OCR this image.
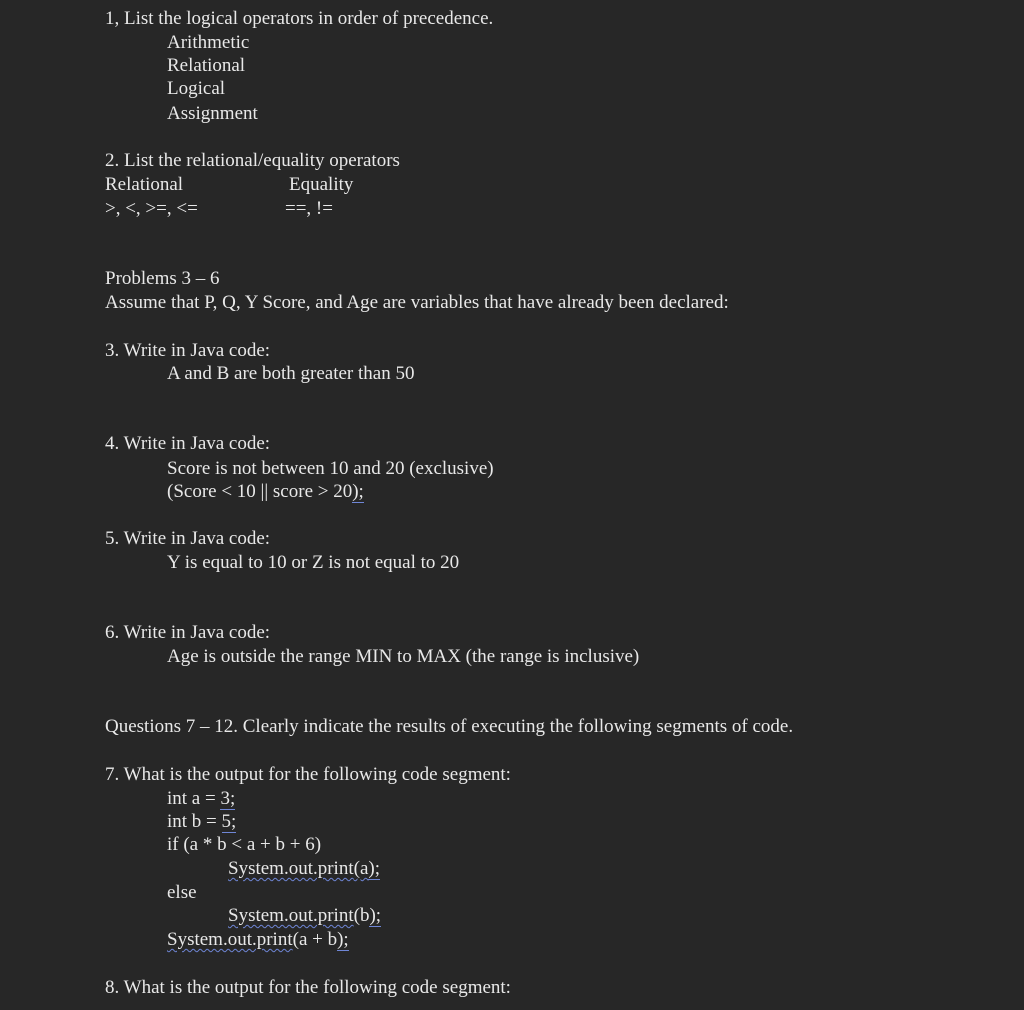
1, List the logical operators in order of precedence.
Arithmetic
Relational
Logical
Assignment
2. List the relational/equality operators
Relational	Equality
>, <, >=, <=	==, !=
Problems 3 – 6
Assume that P, Q, Y Score, and Age are variables that have already been declared:
3. Write in Java code:
A and B are both greater than 50
4. Write in Java code:
Score is not between 10 and 20 (exclusive)
(Score < 10 || score > 20);
5. Write in Java code:
Y is equal to 10 or Z is not equal to 20
6. Write in Java code:
Age is outside the range MIN to MAX (the range is inclusive)
Questions 7 – 12. Clearly indicate the results of executing the following segments of code.
7. What is the output for the following code segment:
int a = 3;
int b = 5;
if (a * b < a + b + 6)
System.out.print(a);
else
System.out.print(b);
System.out.print(a + b);
8. What is the output for the following code segment:
